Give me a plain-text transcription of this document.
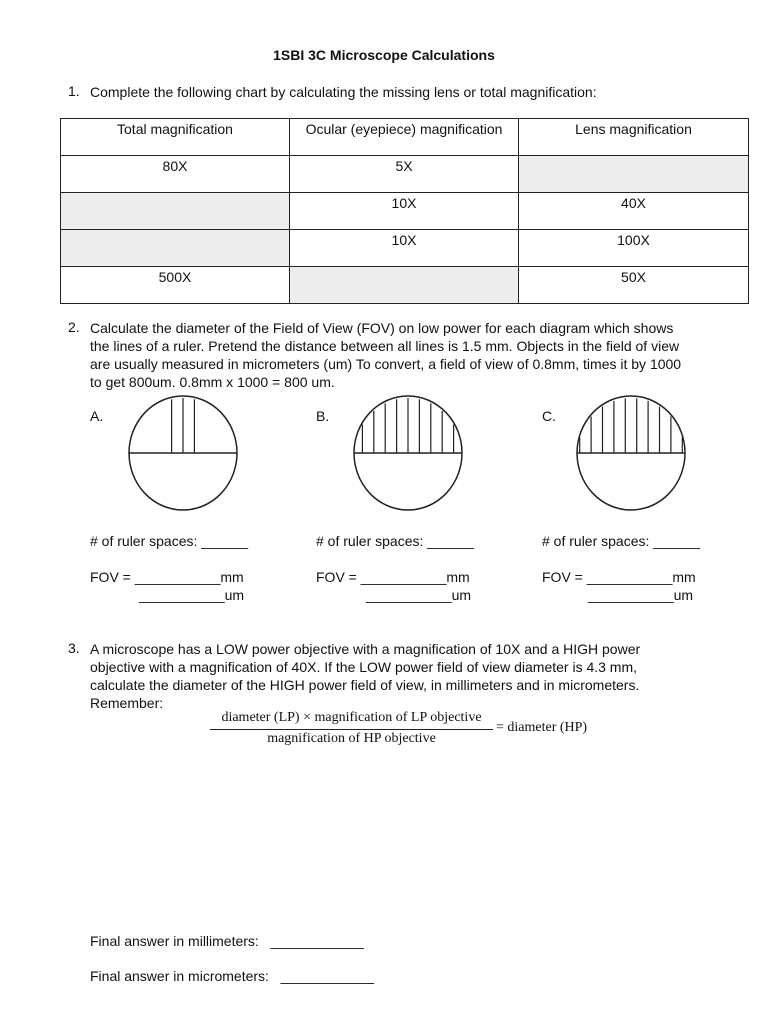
1SBI 3C Microscope Calculations
1. Complete the following chart by calculating the missing lens or total magnification:
Total magnification	Ocular (eyepiece) magnification	Lens magnification
80X	5X	
	10X	40X
	10X	100X
500X		50X
2. Calculate the diameter of the Field of View (FOV) on low power for each diagram which shows
the lines of a ruler. Pretend the distance between all lines is 1.5 mm. Objects in the field of view
are usually measured in micrometers (um) To convert, a field of view of 0.8mm, times it by 1000
to get 800um. 0.8mm x 1000 = 800 um.
A.	B.	C.
# of ruler spaces: ______	# of ruler spaces: ______	# of ruler spaces: ______
FOV = ___________mm	FOV = ___________mm	FOV = ___________mm
___________um	___________um	___________um
3. A microscope has a LOW power objective with a magnification of 10X and a HIGH power
objective with a magnification of 40X. If the LOW power field of view diameter is 4.3 mm,
calculate the diameter of the HIGH power field of view, in millimeters and in micrometers.
Remember:
diameter (LP) × magnification of LP objective
magnification of HP objective
= diameter (HP)
Final answer in millimeters:   ____________
Final answer in micrometers:   ____________
